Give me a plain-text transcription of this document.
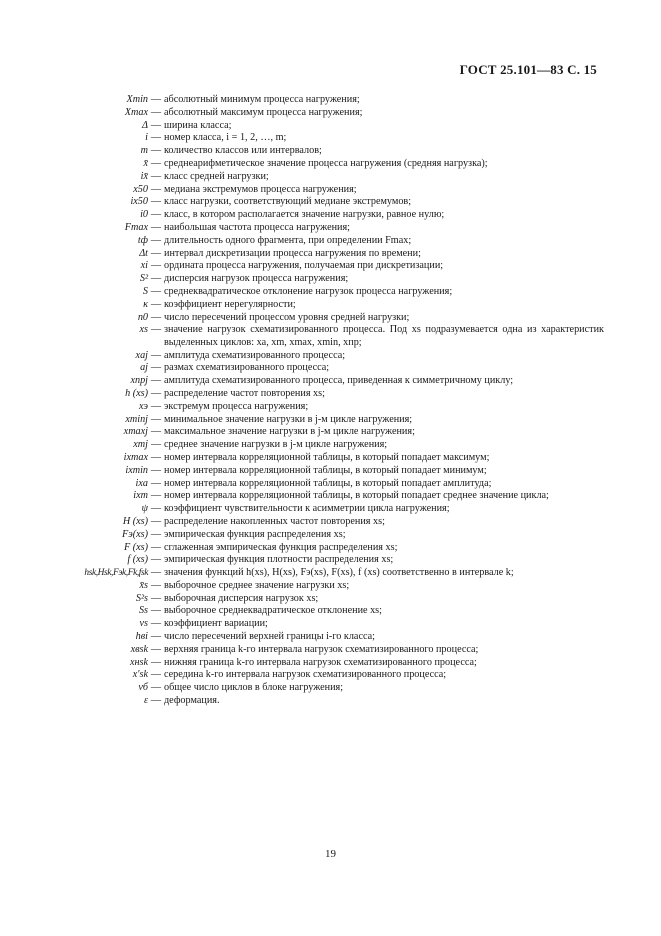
ГОСТ 25.101—83 С. 15
Xmin — абсолютный минимум процесса нагружения;
Xmax — абсолютный максимум процесса нагружения;
Δ — ширина класса;
i — номер класса, i = 1, 2, …, m;
m — количество классов или интервалов;
x̄ — среднеарифметическое значение процесса нагружения (средняя нагрузка);
ix̄ — класс средней нагрузки;
x50 — медиана экстремумов процесса нагружения;
ix50 — класс нагрузки, соответствующий медиане экстремумов;
i0 — класс, в котором располагается значение нагрузки, равное нулю;
Fmax — наибольшая частота процесса нагружения;
tф — длительность одного фрагмента, при определении Fmax;
Δt — интервал дискретизации процесса нагружения по времени;
xi — ордината процесса нагружения, получаемая при дискретизации;
S² — дисперсия нагрузок процесса нагружения;
S — среднеквадратическое отклонение нагрузок процесса нагружения;
κ — коэффициент нерегулярности;
n0 — число пересечений процессом уровня средней нагрузки;
xs — значение нагрузок схематизированного процесса. Под xs подразумевается одна из характеристик выделенных циклов: xa, xm, xmax, xmin, xпр;
xaj — амплитуда схематизированного процесса;
aj — размах схематизированного процесса;
xпрj — амплитуда схематизированного процесса, приведенная к симметричному циклу;
h (xs) — распределение частот повторения xs;
xэ — экстремум процесса нагружения;
xminj — минимальное значение нагрузки в j-м цикле нагружения;
xmaxj — максимальное значение нагрузки в j-м цикле нагружения;
xmj — среднее значение нагрузки в j-м цикле нагружения;
ixmax — номер интервала корреляционной таблицы, в который попадает максимум;
ixmin — номер интервала корреляционной таблицы, в который попадает минимум;
ixa — номер интервала корреляционной таблицы, в который попадает амплитуда;
ixm — номер интервала корреляционной таблицы, в который попадает среднее значение цикла;
ψ — коэффициент чувствительности к асимметрии цикла нагружения;
H (xs) — распределение накопленных частот повторения xs;
Fэ(xs) — эмпирическая функция распределения xs;
F (xs) — сглаженная эмпирическая функция распределения xs;
f (xs) — эмпирическая функция плотности распределения xs;
hsk,Hsk,Fэk,Fk,fsk — значения функций h(xs), H(xs), Fэ(xs), F(xs), f (xs) соответственно в интервале k;
x̄s — выборочное среднее значение нагрузки xs;
S²s — выборочная дисперсия нагрузок xs;
Ss — выборочное среднеквадратическое отклонение xs;
vs — коэффициент вариации;
hвi — число пересечений верхней границы i-го класса;
xвsk — верхняя граница k-го интервала нагрузок схематизированного процесса;
xнsk — нижняя граница k-го интервала нагрузок схематизированного процесса;
x′sk — середина k-го интервала нагрузок схематизированного процесса;
vб — общее число циклов в блоке нагружения;
ε — деформация.
19
